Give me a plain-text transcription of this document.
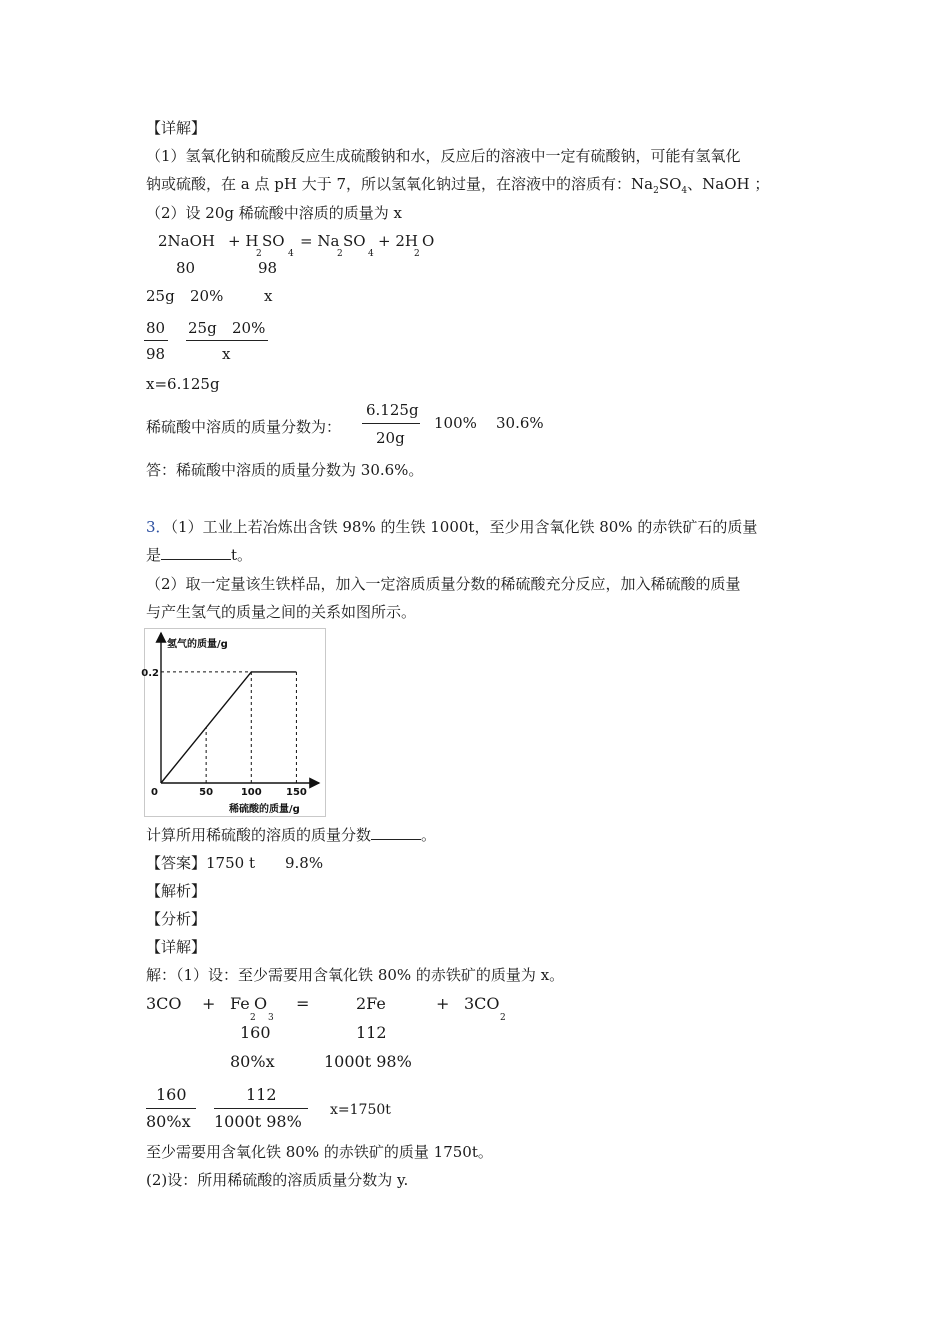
【详解】
（1）氢氧化钠和硫酸反应生成硫酸钠和水，反应后的溶液中一定有硫酸钠，可能有氢氧化
钠或硫酸，在 a 点 pH 大于 7，所以氢氧化钠过量，在溶液中的溶质有：$Na_2SO_4$、NaOH ；
（2）设 20g 稀硫酸中溶质的质量为 x
2NaOH + H
2
SO
4
= Na
2
SO
4
+ 2H
2
O
80	98
25g 20%	x
80
98
25g 20%
x
x=6.125g
稀硫酸中溶质的质量分数为：
6.125g
20g
100% 30.6%
答：稀硫酸中溶质的质量分数为 30.6%。
3．（1）工业上若冶炼出含铁 98% 的生铁 1000t，至少用含氧化铁 80% 的赤铁矿石的质量
是	t。
（2）取一定量该生铁样品，加入一定溶质质量分数的稀硫酸充分反应，加入稀硫酸的质量
与产生氢气的质量之间的关系如图所示。
氢气的质量/g
稀硫酸的质量/g
0	50	100 150
0.2
计算所用稀硫酸的溶质的质量分数	。
【答案】1750 t　　9.8%
【解析】
【分析】
【详解】
解：（1）设：至少需要用含氧化铁 80% 的赤铁矿的质量为 x。
3CO + Fe O
2 3
=	2Fe	+ 3CO
2
160	112
80%x	1000t 98%
160
80%x
112
1000t 98%
x=1750t
至少需要用含氧化铁 80% 的赤铁矿的质量 1750t。
(2)设：所用稀硫酸的溶质质量分数为 y.
